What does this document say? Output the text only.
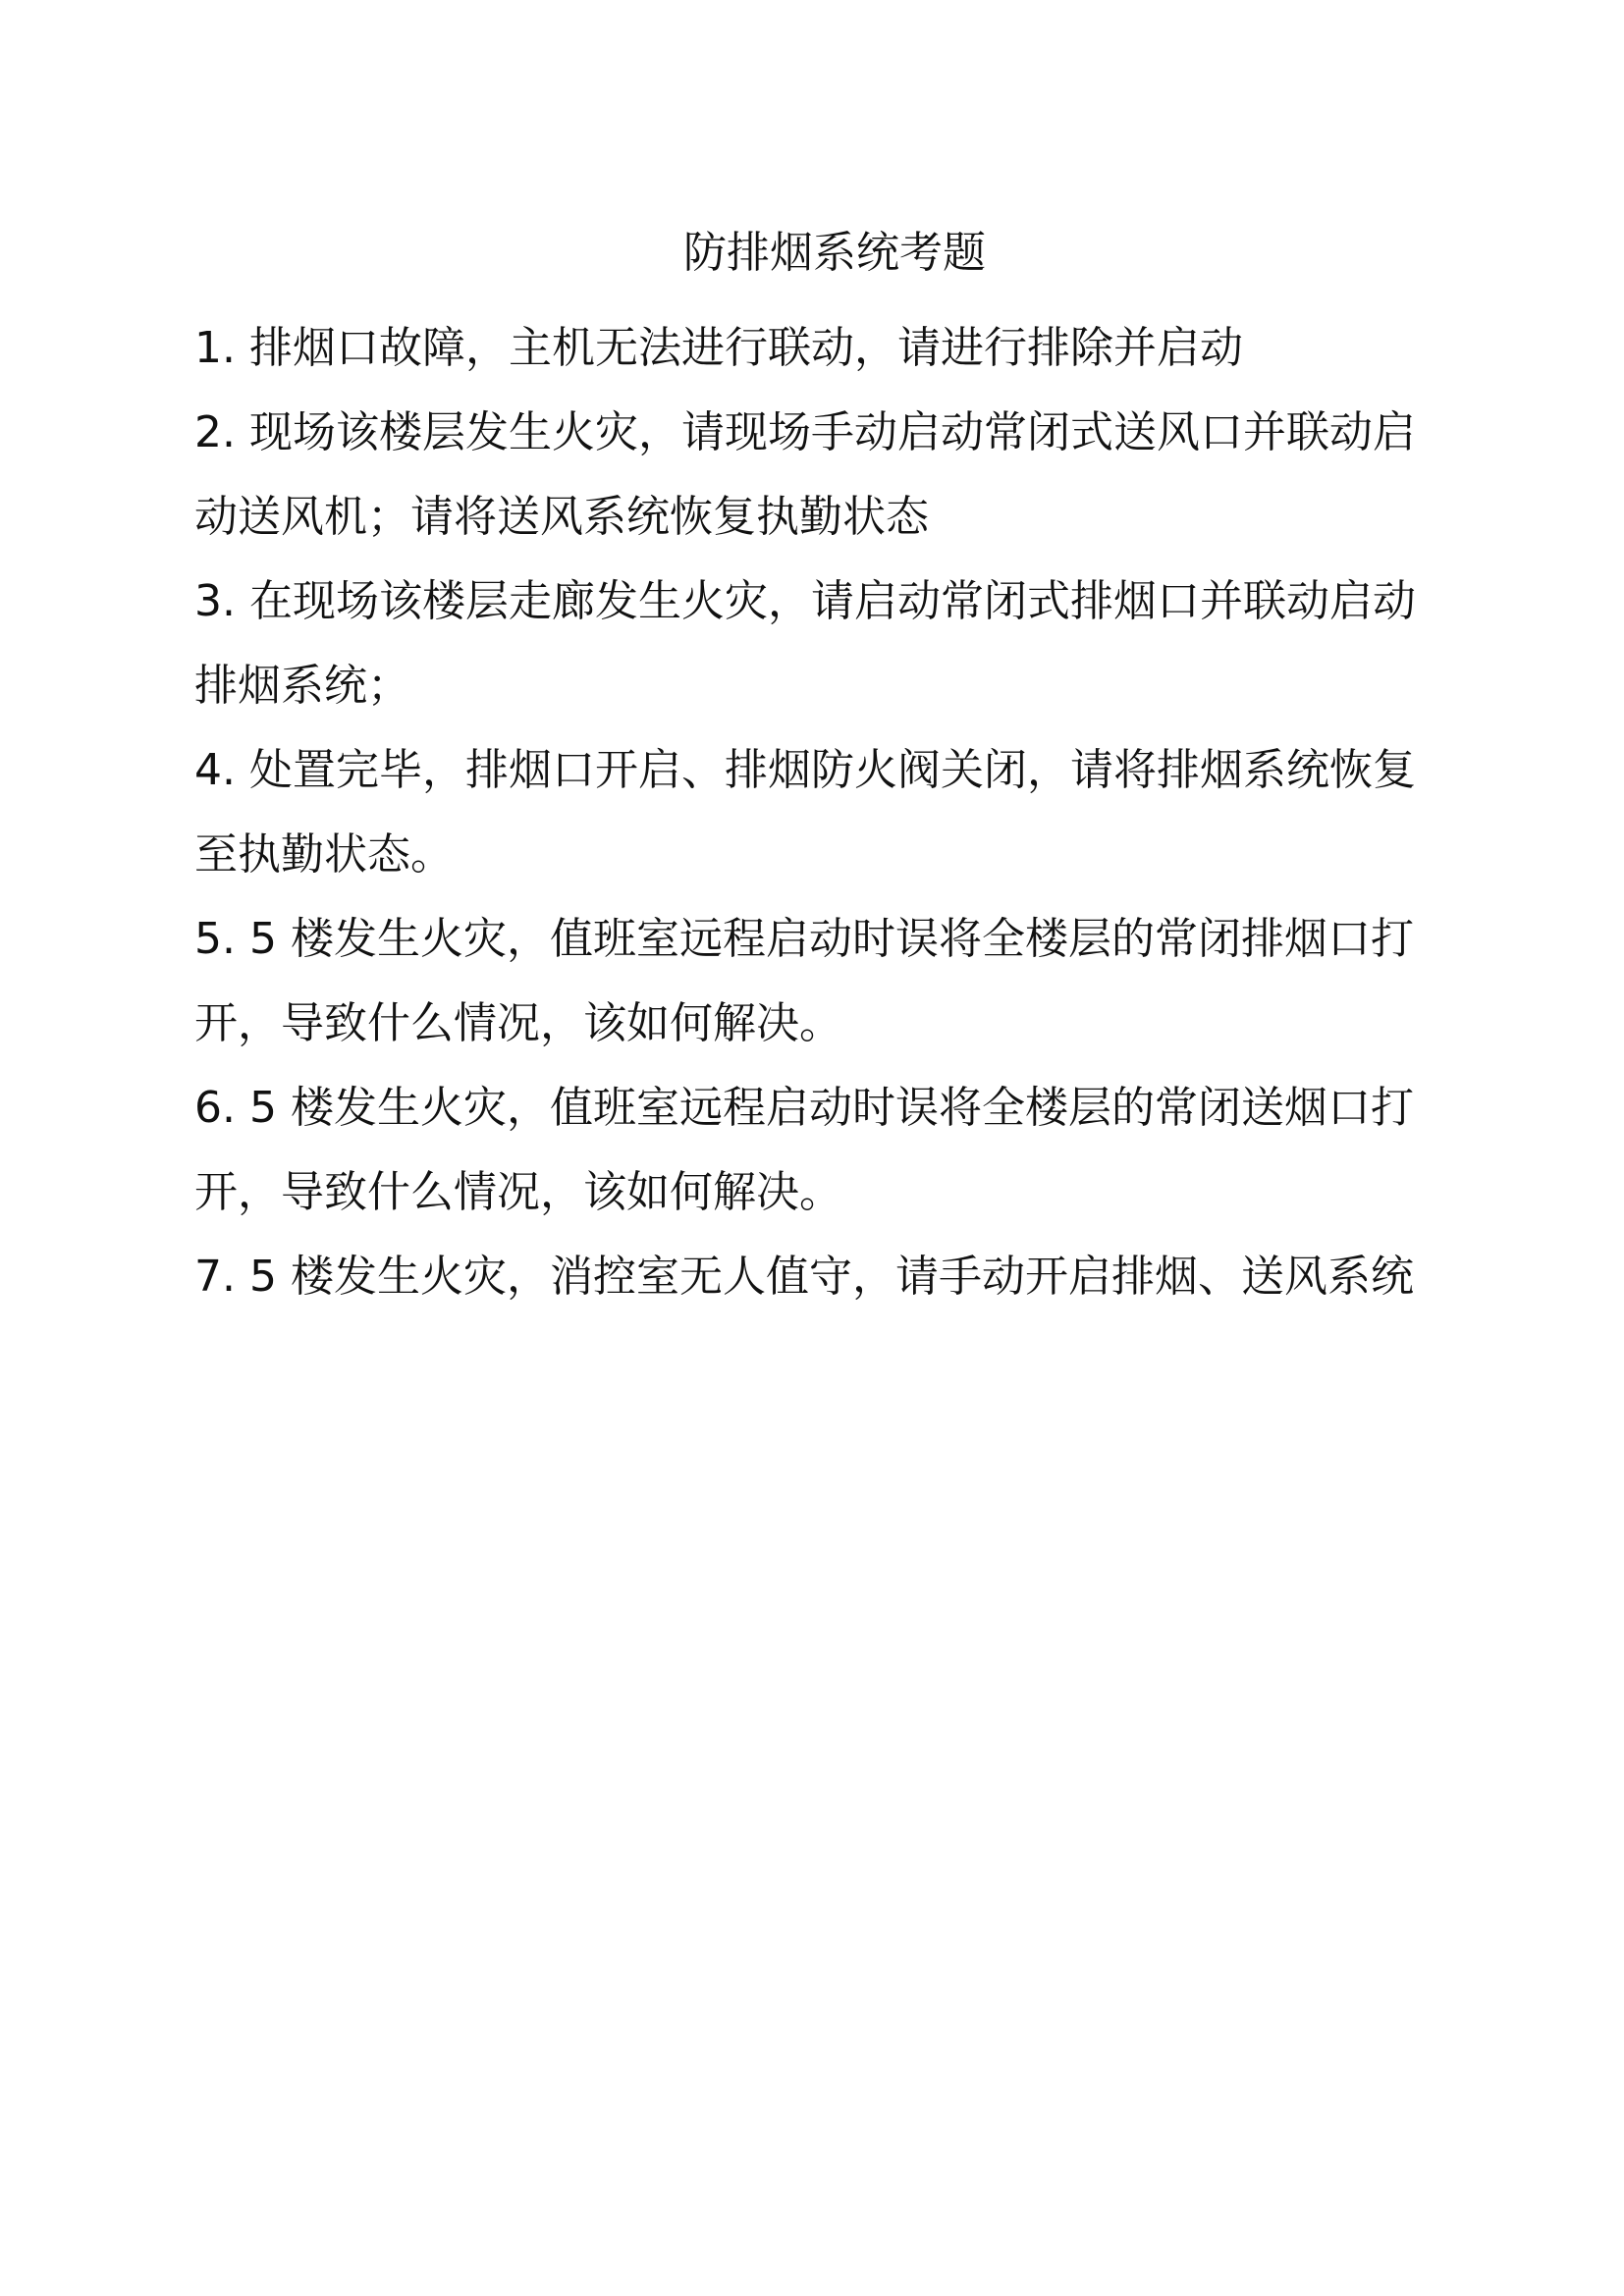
防排烟系统考题
1. 排烟口故障，主机无法进行联动，请进行排除并启动
2. 现场该楼层发生火灾，请现场手动启动常闭式送风口并联动启
动送风机；请将送风系统恢复执勤状态
3. 在现场该楼层走廊发生火灾，请启动常闭式排烟口并联动启动
排烟系统；
4. 处置完毕，排烟口开启、排烟防火阀关闭，请将排烟系统恢复
至执勤状态。
5. 5 楼发生火灾，值班室远程启动时误将全楼层的常闭排烟口打
开，导致什么情况，该如何解决。
6. 5 楼发生火灾，值班室远程启动时误将全楼层的常闭送烟口打
开，导致什么情况，该如何解决。
7. 5 楼发生火灾，消控室无人值守，请手动开启排烟、送风系统
